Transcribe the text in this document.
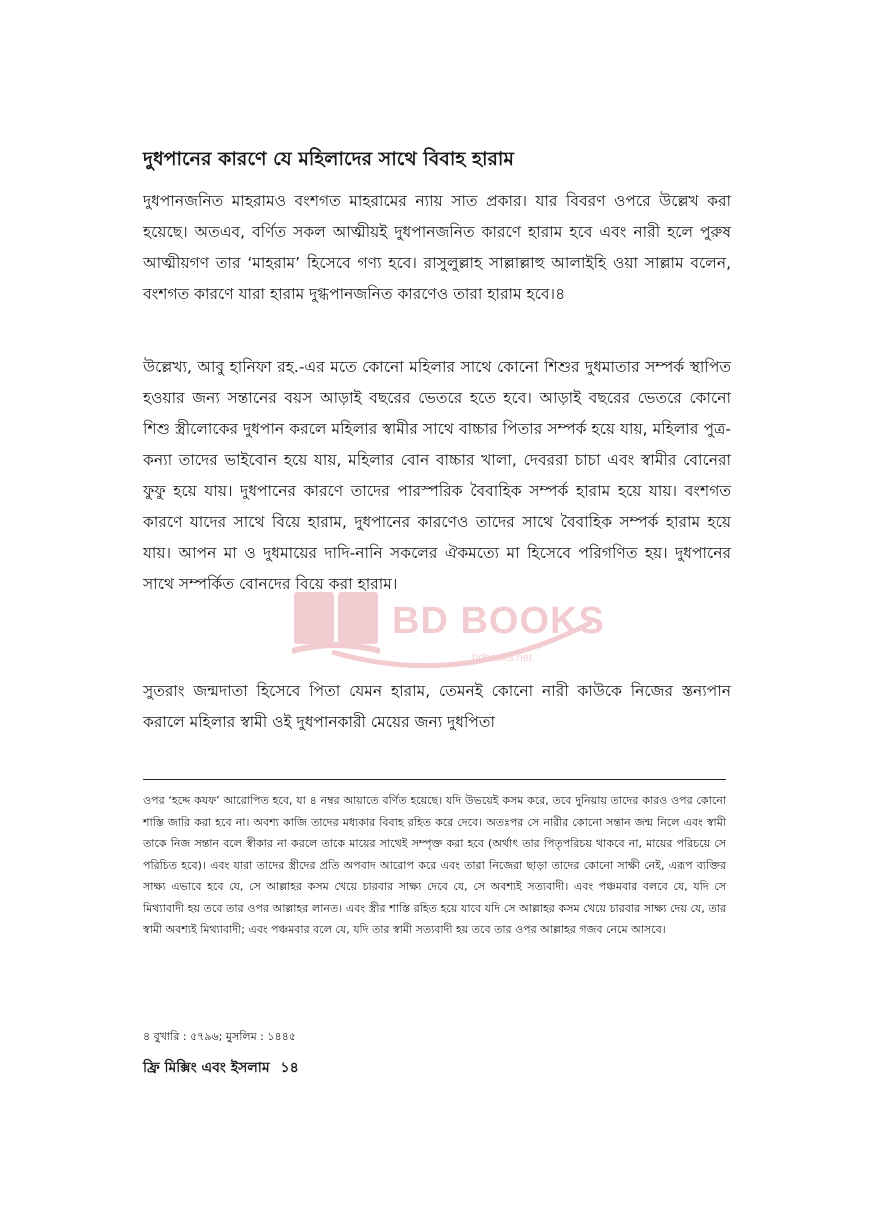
দুধপানের কারণে যে মহিলাদের সাথে বিবাহ হারাম
দুধপানজনিত মাহরামও বংশগত মাহরামের ন্যায় সাত প্রকার। যার বিবরণ ওপরে উল্লেখ করা হয়েছে। অতএব, বর্ণিত সকল আত্মীয়ই দুধপানজনিত কারণে হারাম হবে এবং নারী হলে পুরুষ আত্মীয়গণ তার ‘মাহরাম’ হিসেবে গণ্য হবে। রাসুলুল্লাহ সাল্লাল্লাহু আলাইহি ওয়া সাল্লাম বলেন, বংশগত কারণে যারা হারাম দুগ্ধপানজনিত কারণেও তারা হারাম হবে।৪
উল্লেখ্য, আবু হানিফা রহ.-এর মতে কোনো মহিলার সাথে কোনো শিশুর দুধমাতার সম্পর্ক স্থাপিত হওয়ার জন্য সন্তানের বয়স আড়াই বছরের ভেতরে হতে হবে। আড়াই বছরের ভেতরে কোনো শিশু স্ত্রীলোকের দুধপান করলে মহিলার স্বামীর সাথে বাচ্চার পিতার সম্পর্ক হয়ে যায়, মহিলার পুত্র-কন্যা তাদের ভাইবোন হয়ে যায়, মহিলার বোন বাচ্চার খালা, দেবররা চাচা এবং স্বামীর বোনেরা ফুফু হয়ে যায়। দুধপানের কারণে তাদের পারস্পরিক বৈবাহিক সম্পর্ক হারাম হয়ে যায়। বংশগত কারণে যাদের সাথে বিয়ে হারাম, দুধপানের কারণেও তাদের সাথে বৈবাহিক সম্পর্ক হারাম হয়ে যায়। আপন মা ও দুধমায়ের দাদি-নানি সকলের ঐকমত্যে মা হিসেবে পরিগণিত হয়। দুধপানের সাথে সম্পর্কিত বোনদের বিয়ে করা হারাম।
সুতরাং জন্মদাতা হিসেবে পিতা যেমন হারাম, তেমনই কোনো নারী কাউকে নিজের স্তন্যপান করালে মহিলার স্বামী ওই দুধপানকারী মেয়ের জন্য দুধপিতা
ওপর ‘হদ্দে কযফ’ আরোপিত হবে, যা ৪ নম্বর আয়াতে বর্ণিত হয়েছে। যদি উভয়েই কসম করে, তবে দুনিয়ায় তাদের কারও ওপর কোনো শাস্তি জারি করা হবে না। অবশ্য কাজি তাদের মধ্যকার বিবাহ রহিত করে দেবে। অতঃপর সে নারীর কোনো সন্তান জন্ম নিলে এবং স্বামী তাকে নিজ সন্তান বলে স্বীকার না করলে তাকে মায়ের সাথেই সম্পৃক্ত করা হবে (অর্থাৎ তার পিতৃপরিচয় থাকবে না, মায়ের পরিচয়ে সে পরিচিত হবে)। এবং যারা তাদের স্ত্রীদের প্রতি অপবাদ আরোপ করে এবং তারা নিজেরা ছাড়া তাদের কোনো সাক্ষী নেই, এরূপ ব্যক্তির সাক্ষ্য এভাবে হবে যে, সে আল্লাহর কসম খেয়ে চারবার সাক্ষ্য দেবে যে, সে অবশ্যই সত্যবাদী। এবং পঞ্চমবার বলবে যে, যদি সে মিথ্যাবাদী হয় তবে তার ওপর আল্লাহর লানত। এবং স্ত্রীর শাস্তি রহিত হয়ে যাবে যদি সে আল্লাহর কসম খেয়ে চারবার সাক্ষ্য দেয় যে, তার স্বামী অবশ্যই মিথ্যাবাদী; এবং পঞ্চমবার বলে যে, যদি তার স্বামী সত্যবাদী হয় তবে তার ওপর আল্লাহর গজব নেমে আসবে।
৪ বুখারি : ৫৭৯৬; মুসলিম : ১৪৪৫
ফ্রি মিক্সিং এবং ইসলাম ১৪
BD BOOKS
bdbooks.net
